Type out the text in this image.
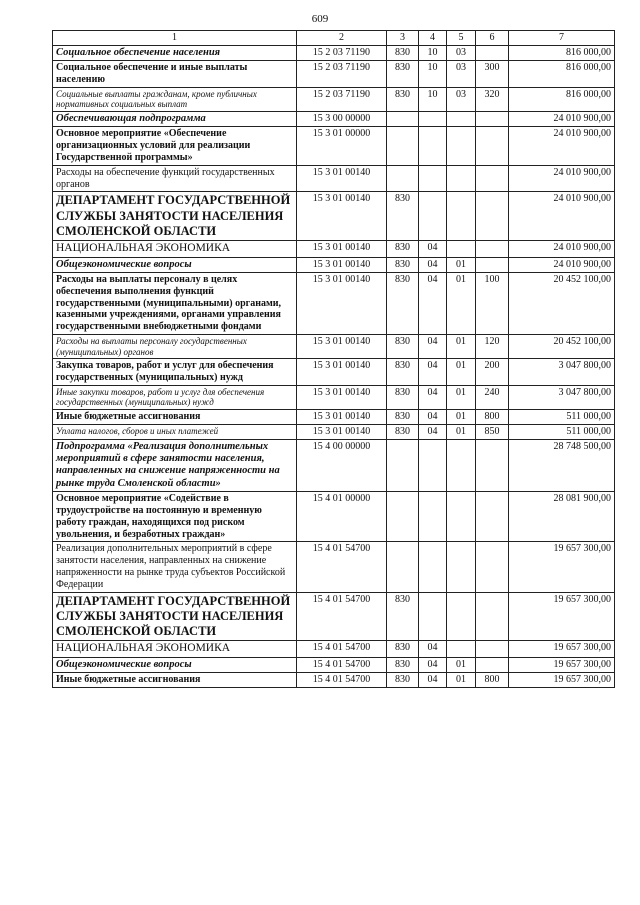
609
1	2	3	4	5	6	7
Социальное обеспечение населения	15 2 03 71190	830	10	03		816 000,00
Социальное обеспечение и иные выплаты населению	15 2 03 71190	830	10	03	300	816 000,00
Социальные выплаты гражданам, кроме публичных нормативных социальных выплат	15 2 03 71190	830	10	03	320	816 000,00
Обеспечивающая подпрограмма	15 3 00 00000					24 010 900,00
Основное мероприятие «Обеспечение организационных условий для реализации Государственной программы»	15 3 01 00000					24 010 900,00
Расходы на обеспечение функций государственных органов	15 3 01 00140					24 010 900,00
ДЕПАРТАМЕНТ ГОСУДАРСТВЕННОЙ СЛУЖБЫ ЗАНЯТОСТИ НАСЕЛЕНИЯ СМОЛЕНСКОЙ ОБЛАСТИ	15 3 01 00140	830				24 010 900,00
НАЦИОНАЛЬНАЯ ЭКОНОМИКА	15 3 01 00140	830	04			24 010 900,00
Общеэкономические вопросы	15 3 01 00140	830	04	01		24 010 900,00
Расходы на выплаты персоналу в целях обеспечения выполнения функций государственными (муниципальными) органами, казенными учреждениями, органами управления государственными внебюджетными фондами	15 3 01 00140	830	04	01	100	20 452 100,00
Расходы на выплаты персоналу государственных (муниципальных) органов	15 3 01 00140	830	04	01	120	20 452 100,00
Закупка товаров, работ и услуг для обеспечения государственных (муниципальных) нужд	15 3 01 00140	830	04	01	200	3 047 800,00
Иные закупки товаров, работ и услуг для обеспечения государственных (муниципальных) нужд	15 3 01 00140	830	04	01	240	3 047 800,00
Иные бюджетные ассигнования	15 3 01 00140	830	04	01	800	511 000,00
Уплата налогов, сборов и иных платежей	15 3 01 00140	830	04	01	850	511 000,00
Подпрограмма «Реализация дополнительных мероприятий в сфере занятости населения, направленных на снижение напряженности на рынке труда Смоленской области»	15 4 00 00000					28 748 500,00
Основное мероприятие «Содействие в трудоустройстве на постоянную и временную работу граждан, находящихся под риском увольнения, и безработных граждан»	15 4 01 00000					28 081 900,00
Реализация дополнительных мероприятий в сфере занятости населения, направленных на снижение напряженности на рынке труда субъектов Российской Федерации	15 4 01 54700					19 657 300,00
ДЕПАРТАМЕНТ ГОСУДАРСТВЕННОЙ СЛУЖБЫ ЗАНЯТОСТИ НАСЕЛЕНИЯ СМОЛЕНСКОЙ ОБЛАСТИ	15 4 01 54700	830				19 657 300,00
НАЦИОНАЛЬНАЯ ЭКОНОМИКА	15 4 01 54700	830	04			19 657 300,00
Общеэкономические вопросы	15 4 01 54700	830	04	01		19 657 300,00
Иные бюджетные ассигнования	15 4 01 54700	830	04	01	800	19 657 300,00
